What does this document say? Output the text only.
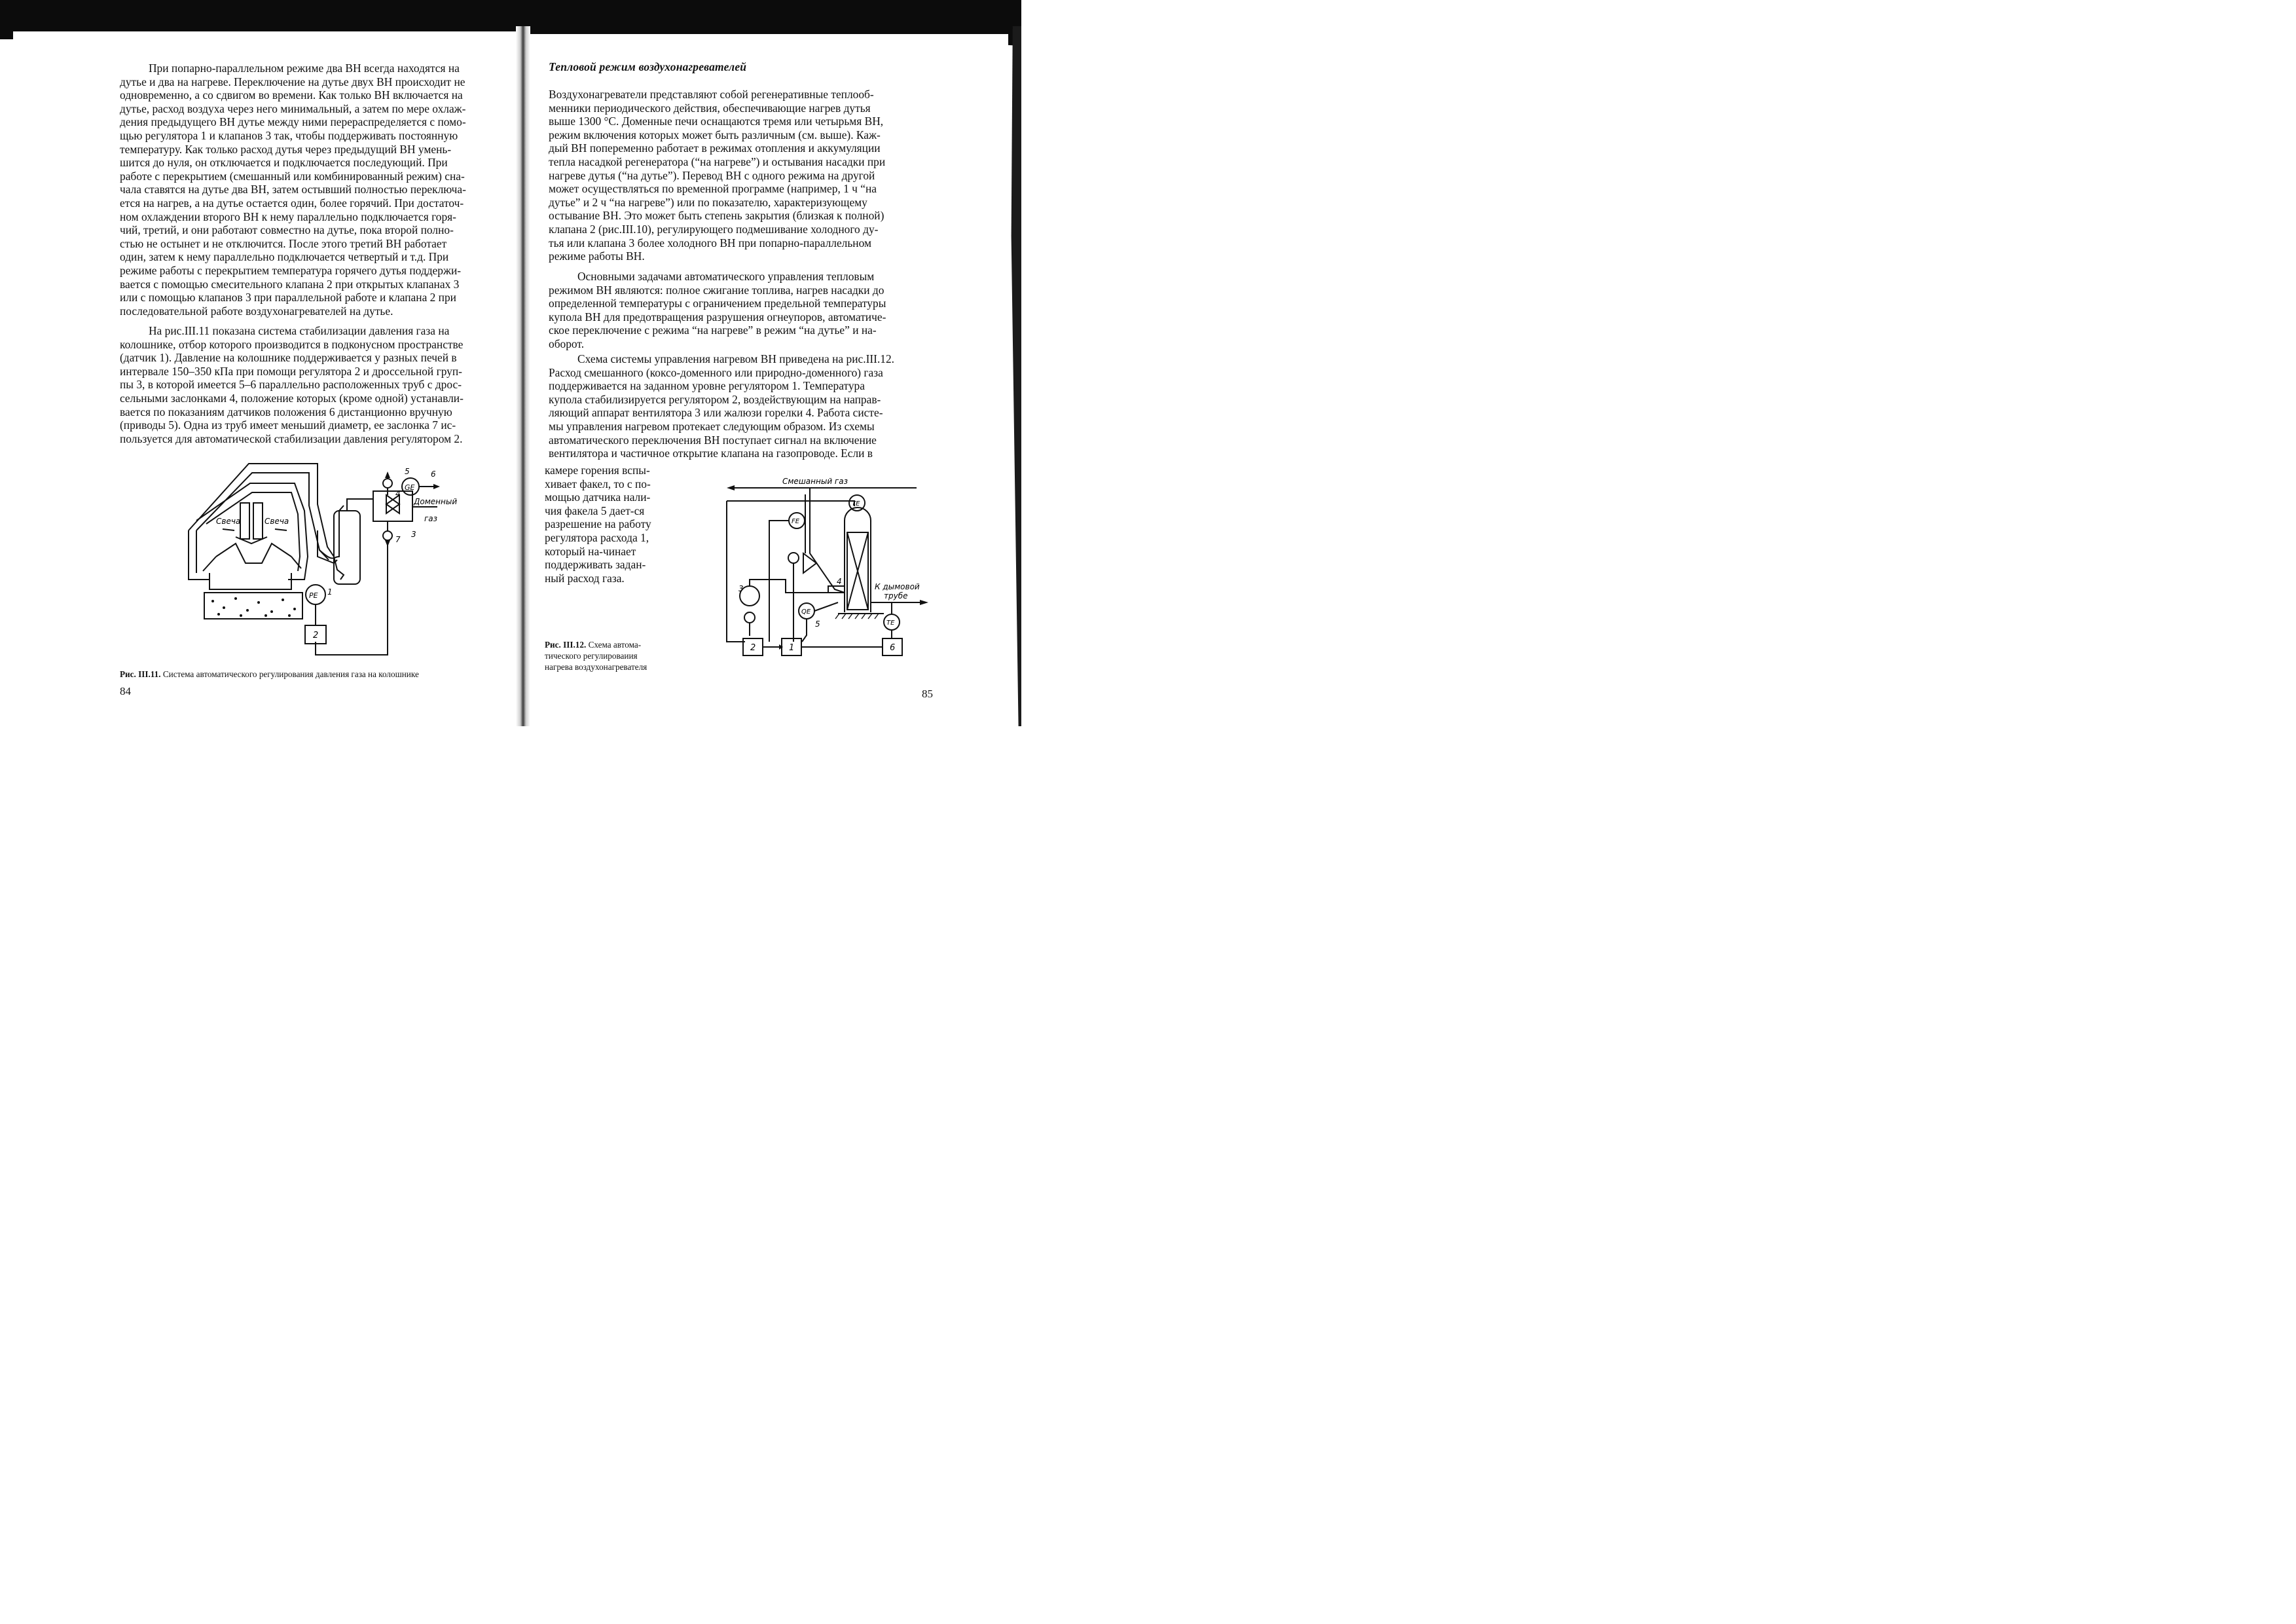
При попарно-параллельном режиме два ВН всегда находятся на
дутье и два на нагреве. Переключение на дутье двух ВН происходит не
одновременно, а со сдвигом во времени. Как только ВН включается на
дутье, расход воздуха через него минимальный, а затем по мере охлаж-
дения предыдущего ВН дутье между ними перераспределяется с помо-
щью регулятора 1 и клапанов 3 так, чтобы поддерживать постоянную
температуру. Как только расход дутья через предыдущий ВН умень-
шится до нуля, он отключается и подключается последующий. При
работе с перекрытием (смешанный или комбинированный режим) сна-
чала ставятся на дутье два ВН, затем остывший полностью переключа-
ется на нагрев, а на дутье остается один, более горячий. При достаточ-
ном охлаждении второго ВН к нему параллельно подключается горя-
чий, третий, и они работают совместно на дутье, пока второй полно-
стью не остынет и не отключится. После этого третий ВН работает
один, затем к нему параллельно подключается четвертый и т.д. При
режиме работы с перекрытием температура горячего дутья поддержи-
вается с помощью смесительного клапана 2 при открытых клапанах 3
или с помощью клапанов 3 при параллельной работе и клапана 2 при
последовательной работе воздухонагревателей на дутье.

На рис.III.11 показана система стабилизации давления газа на
колошнике, отбор которого производится в подконусном пространстве
(датчик 1). Давление на колошнике поддерживается у разных печей в
интервале 150–350 кПа при помощи регулятора 2 и дроссельной груп-
пы 3, в которой имеется 5–6 параллельно расположенных труб с дрос-
сельными заслонками 4, положение которых (кроме одной) устанавли-
вается по показаниям датчиков положения 6 дистанционно вручную
(приводы 5). Одна из труб имеет меньший диаметр, ее заслонка 7 ис-
пользуется для автоматической стабилизации давления регулятором 2.

Свеча	Свеча
PE
GE
2
Доменный
газ
1
3
4
5	6
7

Рис. III.11. Система автоматического регулирования давления газа на колошнике

84

Тепловой режим воздухонагревателей

Воздухонагреватели представляют собой регенеративные теплооб-
менники периодического действия, обеспечивающие нагрев дутья
выше 1300 °С. Доменные печи оснащаются тремя или четырьмя ВН,
режим включения которых может быть различным (см. выше). Каж-
дый ВН попеременно работает в режимах отопления и аккумуляции
тепла насадкой регенератора (“на нагреве”) и остывания насадки при
нагреве дутья (“на дутье”). Перевод ВН с одного режима на другой
может осуществляться по временной программе (например, 1 ч “на
дутье” и 2 ч “на нагреве”) или по показателю, характеризующему
остывание ВН. Это может быть степень закрытия (близкая к полной)
клапана 2 (рис.III.10), регулирующего подмешивание холодного ду-
тья или клапана 3 более холодного ВН при попарно-параллельном
режиме работы ВН.

Основными задачами автоматического управления тепловым
режимом ВН являются: полное сжигание топлива, нагрев насадки до
определенной температуры с ограничением предельной температуры
купола ВН для предотвращения разрушения огнеупоров, автоматиче-
ское переключение с режима “на нагреве” в режим “на дутье” и на-
оборот.

Схема системы управления нагревом ВН приведена на рис.III.12.
Расход смешанного (коксо-доменного или природно-доменного) газа
поддерживается на заданном уровне регулятором 1. Температура
купола стабилизируется регулятором 2, воздействующим на направ-
ляющий аппарат вентилятора 3 или жалюзи горелки 4. Работа систе-
мы управления нагревом протекает следующим образом. Из схемы
автоматического переключения ВН поступает сигнал на включение
вентилятора и частичное открытие клапана на газопроводе. Если в

камере горения вспы-
хивает факел, то с по-
мощью датчика нали-
чия факела 5 дает-ся
разрешение на работу
регулятора расхода 1,
который на-чинает
поддерживать задан-
ный расход газа.

Смешанный газ
К дымовой
трубе
TE
TE
FE
QE
2	1	6
3
4
5

Рис. III.12. Схема автома-
тического регулироваиия
нагрева воздухонагревателя

85
